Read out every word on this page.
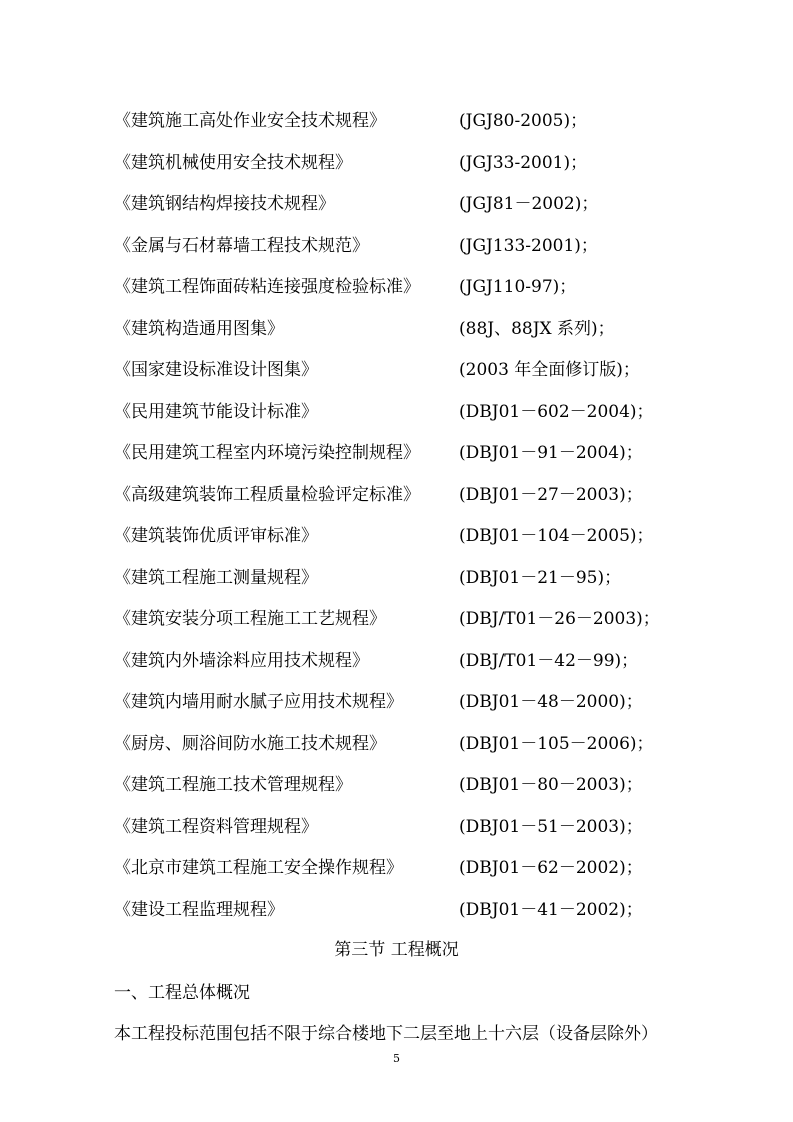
《建筑施工高处作业安全技术规程》	(JGJ80-2005)；
《建筑机械使用安全技术规程》	(JGJ33-2001)；
《建筑钢结构焊接技术规程》	(JGJ81－2002)；
《金属与石材幕墙工程技术规范》	(JGJ133-2001)；
《建筑工程饰面砖粘连接强度检验标准》	(JGJ110-97)；
《建筑构造通用图集》	(88J、88JX 系列)；
《国家建设标准设计图集》	(2003 年全面修订版)；
《民用建筑节能设计标准》	(DBJ01－602－2004)；
《民用建筑工程室内环境污染控制规程》	(DBJ01－91－2004)；
《高级建筑装饰工程质量检验评定标准》	(DBJ01－27－2003)；
《建筑装饰优质评审标准》	(DBJ01－104－2005)；
《建筑工程施工测量规程》	(DBJ01－21－95)；
《建筑安装分项工程施工工艺规程》	(DBJ/T01－26－2003)；
《建筑内外墙涂料应用技术规程》	(DBJ/T01－42－99)；
《建筑内墙用耐水腻子应用技术规程》	(DBJ01－48－2000)；
《厨房、厕浴间防水施工技术规程》	(DBJ01－105－2006)；
《建筑工程施工技术管理规程》	(DBJ01－80－2003)；
《建筑工程资料管理规程》	(DBJ01－51－2003)；
《北京市建筑工程施工安全操作规程》	(DBJ01－62－2002)；
《建设工程监理规程》	(DBJ01－41－2002)；
第三节 工程概况
一、工程总体概况
本工程投标范围包括不限于综合楼地下二层至地上十六层（设备层除外）
5
